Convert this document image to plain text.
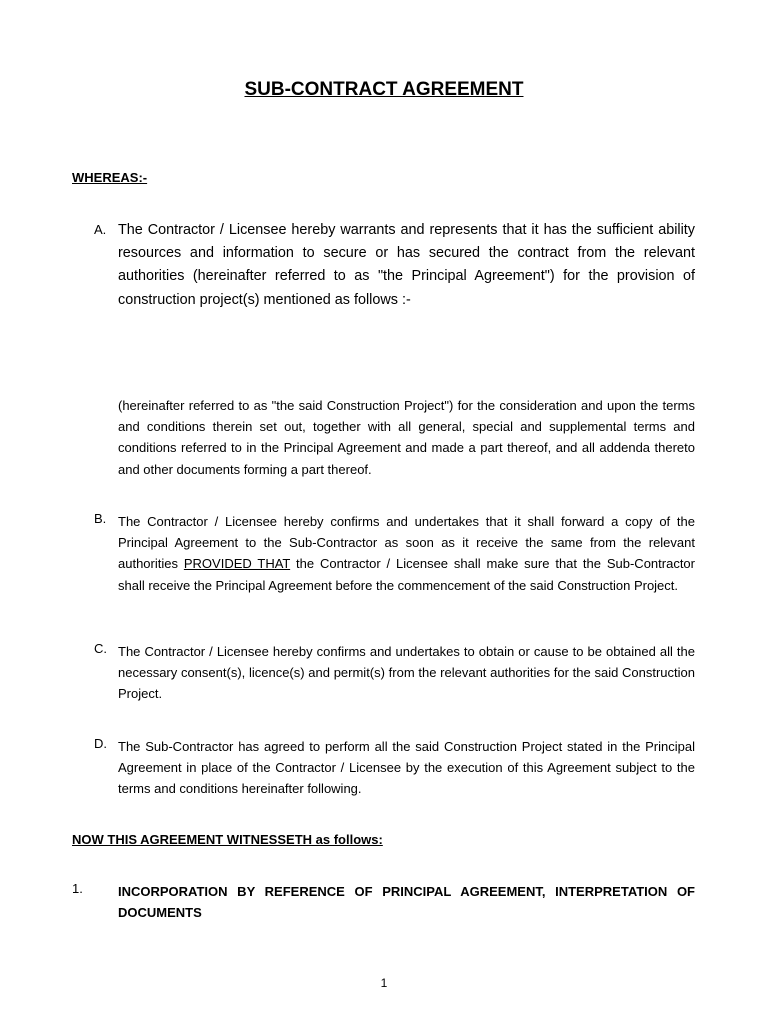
SUB-CONTRACT AGREEMENT
WHEREAS:-
A. The Contractor / Licensee hereby warrants and represents that it has the sufficient ability resources and information to secure or has secured the contract from the relevant authorities (hereinafter referred to as "the Principal Agreement") for the provision of construction project(s) mentioned as follows :-
(hereinafter referred to as "the said Construction Project") for the consideration and upon the terms and conditions therein set out, together with all general, special and supplemental terms and conditions referred to in the Principal Agreement and made a part thereof, and all addenda thereto and other documents forming a part thereof.
B. The Contractor / Licensee hereby confirms and undertakes that it shall forward a copy of the Principal Agreement to the Sub-Contractor as soon as it receive the same from the relevant authorities PROVIDED THAT the Contractor / Licensee shall make sure that the Sub-Contractor shall receive the Principal Agreement before the commencement of the said Construction Project.
C. The Contractor / Licensee hereby confirms and undertakes to obtain or cause to be obtained all the necessary consent(s), licence(s) and permit(s) from the relevant authorities for the said Construction Project.
D. The Sub-Contractor has agreed to perform all the said Construction Project stated in the Principal Agreement in place of the Contractor / Licensee by the execution of this Agreement subject to the terms and conditions hereinafter following.
NOW THIS AGREEMENT WITNESSETH as follows:
1.	INCORPORATION BY REFERENCE OF PRINCIPAL AGREEMENT, INTERPRETATION OF DOCUMENTS
1
